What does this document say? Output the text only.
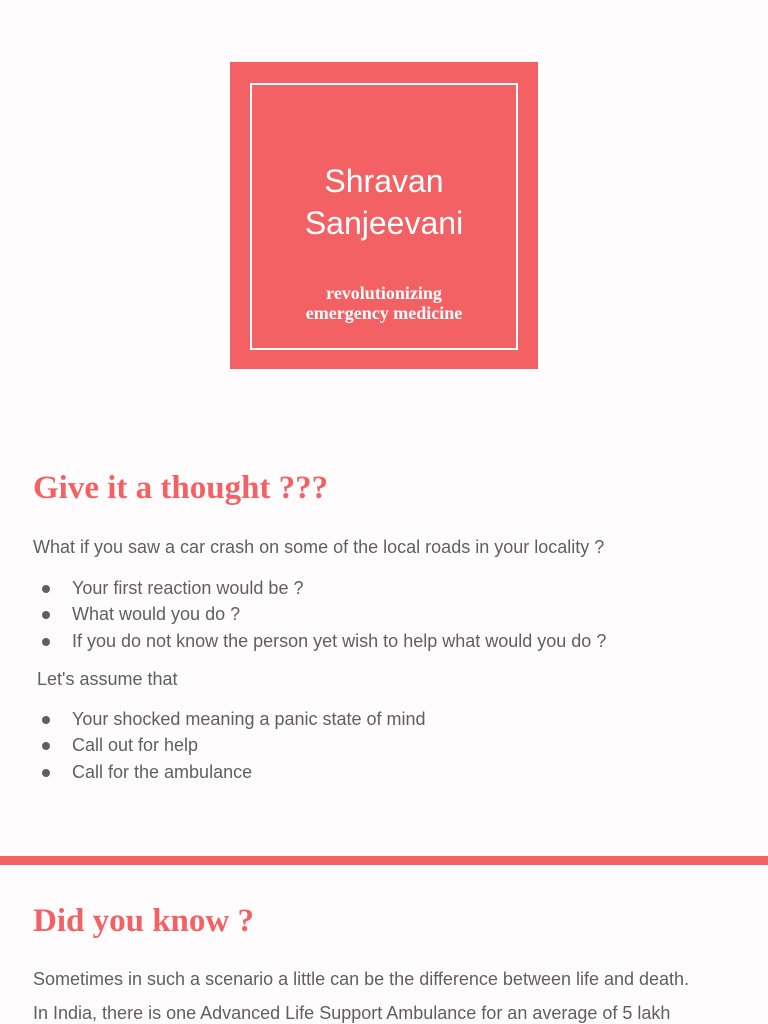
Shravan
Sanjeevani
revolutionizing
emergency medicine
Give it a thought ???

What if you saw a car crash on some of the local roads in your locality ?

Your first reaction would be ?
What would you do ?
If you do not know the person yet wish to help what would you do ?

Let's assume that

Your shocked meaning a panic state of mind
Call out for help
Call for the ambulance
Did you know ?

Sometimes in such a scenario a little can be the difference between life and death.

In India, there is one Advanced Life Support Ambulance for an average of 5 lakh
